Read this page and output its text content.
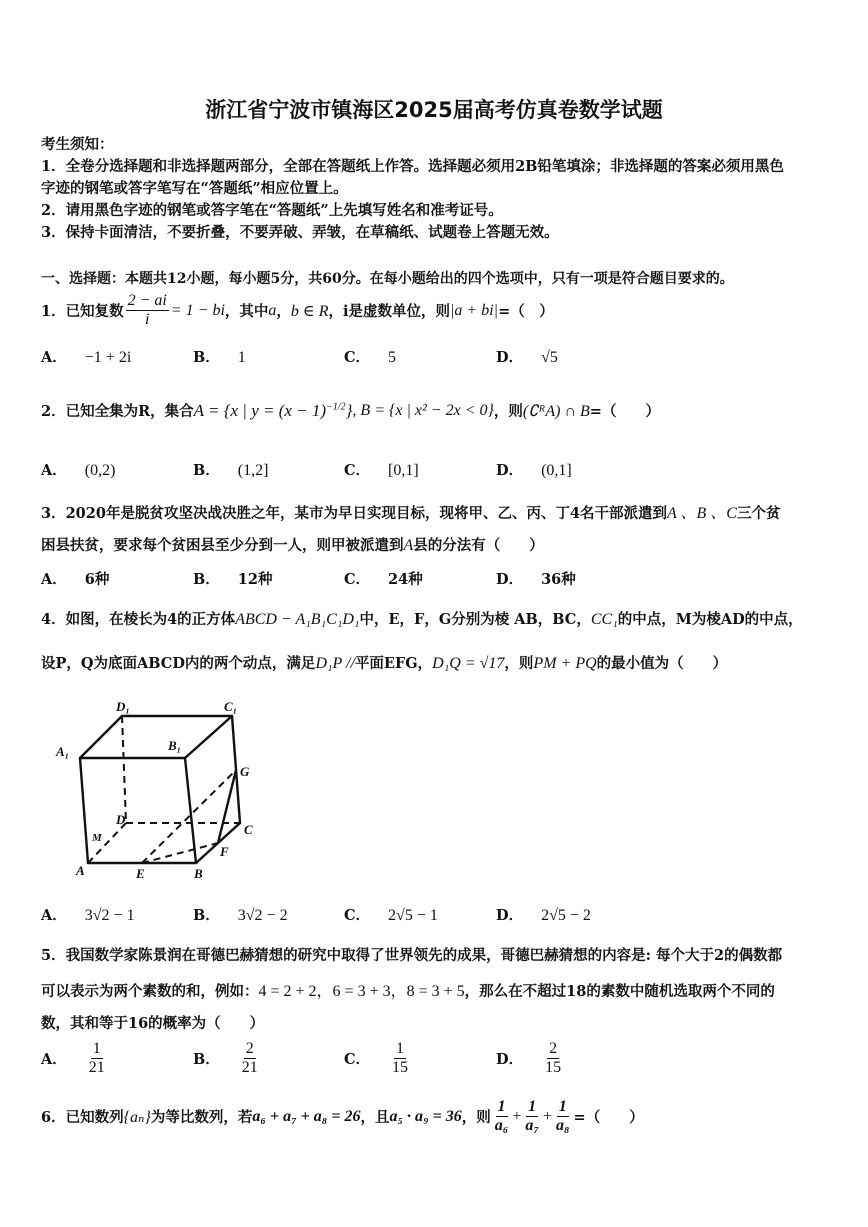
浙江省宁波市镇海区2025届高考仿真卷数学试题
考生须知：
1．全卷分选择题和非选择题两部分，全部在答题纸上作答。选择题必须用2B铅笔填涂；非选择题的答案必须用黑色
字迹的钢笔或答字笔写在“答题纸”相应位置上。
2．请用黑色字迹的钢笔或答字笔在“答题纸”上先填写姓名和准考证号。
3．保持卡面清洁，不要折叠，不要弄破、弄皱，在草稿纸、试题卷上答题无效。
一、选择题：本题共12小题，每小题5分，共60分。在每小题给出的四个选项中，只有一项是符合题目要求的。
1．已知复数 $\frac{2 - ai}{i} = 1$ − bi ，其中 a ， b ∈ R ，i是虚数单位，则 |a + bi| =（　）
A． −1 + 2i	B． 1	C． 5	D． √5
2．已知全集为R，集合 A = {x | $y = (x - 1)^{-1/2}$} , B = {x | x² − 2x < 0} ，则 (∁ᴿA) ∩ B =（　　）
A． (0,2)	B． (1,2]	C． [0,1]	D． (0,1]
3．2020年是脱贫攻坚决战决胜之年，某市为早日实现目标，现将甲、乙、丙、丁4名干部派遣到A 、B 、C三个贫
困县扶贫，要求每个贫困县至少分到一人，则甲被派遣到A县的分法有（　　）
A． 6种	B． 12种	C． 24种	D． 36种
4．如图，在棱长为4的正方体ABCD − A₁B₁C₁D₁中，E，F，G分别为棱 AB，BC，CC₁的中点，M为棱AD的中点，
设P，Q为底面ABCD内的两个动点，满足D₁P //平面EFG，D₁Q = √17，则PM + PQ的最小值为（　　）
D₁	C₁
A₁	B₁
G
D
C
M
F
A	E	B
A． 3√2 − 1	B． 3√2 − 2	C． 2√5 − 1	D． 2√5 − 2
5．我国数学家陈景润在哥德巴赫猜想的研究中取得了世界领先的成果，哥德巴赫猜想的内容是: 每个大于2的偶数都
可以表示为两个素数的和，例如：4 = 2 + 2，6 = 3 + 3，8 = 3 + 5，那么在不超过18的素数中随机选取两个不同的
数，其和等于16的概率为（　　）
A． $\frac{1}{21}$	B． $\frac{2}{21}$	C． $\frac{1}{15}$	D． $\frac{2}{15}$
6．已知数列 {aₙ} 为等比数列，若 a₆ + a₇ + a₈ = 26 ，且 a₅ · a₉ = 36 ，则 $\frac{1}{\text{a₆}} + \frac{1}{\text{a₇}} + \frac{1}{\text{a₈}}$ =（　　）
